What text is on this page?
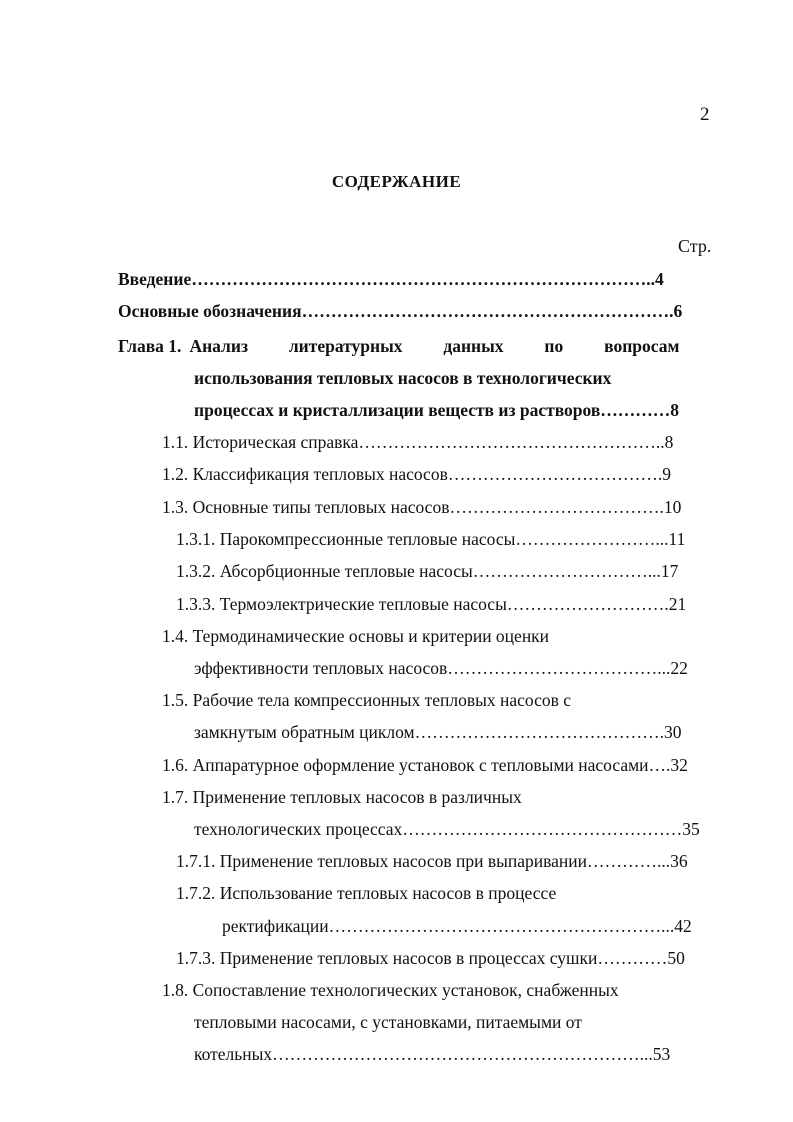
2
СОДЕРЖАНИЕ
Стр.
Введение……………………………………………………………………..4
Основные обозначения……………………………………………………….6
Глава 1. Анализ литературных данных по вопросам
использования тепловых насосов в технологических
процессах и кристаллизации веществ из растворов…………8
1.1. Историческая справка……………………………………………..8
1.2. Классификация тепловых насосов……………………………….9
1.3. Основные типы тепловых насосов……………………………….10
1.3.1. Парокомпрессионные тепловые насосы……………………...11
1.3.2. Абсорбционные тепловые насосы…………………………...17
1.3.3. Термоэлектрические тепловые насосы……………………….21
1.4. Термодинамические основы и критерии оценки
эффективности тепловых насосов………………………………...22
1.5. Рабочие тела компрессионных тепловых насосов с
замкнутым обратным циклом…………………………………….30
1.6. Аппаратурное оформление установок с тепловыми насосами….32
1.7. Применение тепловых насосов в различных
технологических процессах…………………………………………35
1.7.1. Применение тепловых насосов при выпаривании…………...36
1.7.2. Использование тепловых насосов в процессе
ректификации…………………………………………………...42
1.7.3. Применение тепловых насосов в процессах сушки…………50
1.8. Сопоставление технологических установок, снабженных
тепловыми насосами, с установками, питаемыми от
котельных………………………………………………………...53
